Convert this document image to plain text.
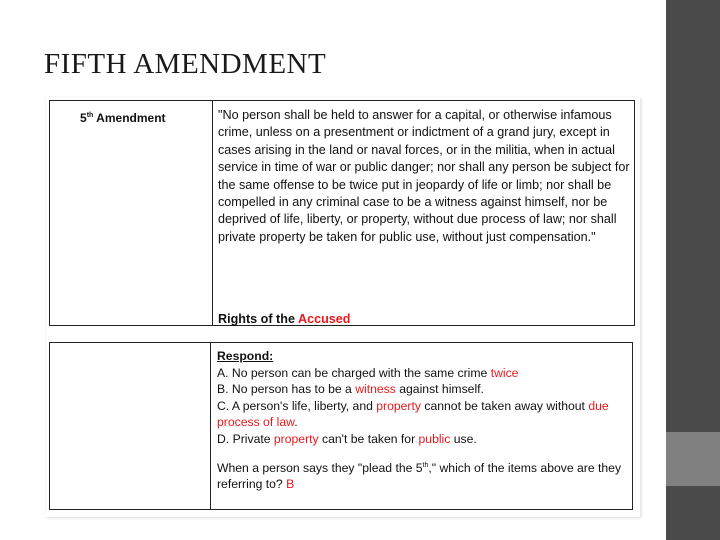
FIFTH AMENDMENT
5th Amendment	"No person shall be held to answer for a capital, or otherwise infamous crime, unless on a presentment or indictment of a grand jury, except in cases arising in the land or naval forces, or in the militia, when in actual service in time of war or public danger; nor shall any person be subject for the same offense to be twice put in jeopardy of life or limb; nor shall be compelled in any criminal case to be a witness against himself, nor be deprived of life, liberty, or property, without due process of law; nor shall private property be taken for public use, without just compensation."
Rights of the Accused
Respond:
A. No person can be charged with the same crime twice
B. No person has to be a witness against himself.
C. A person's life, liberty, and property cannot be taken away without due process of law.
D. Private property can't be taken for public use.
When a person says they "plead the 5th," which of the items above are they referring to? B
